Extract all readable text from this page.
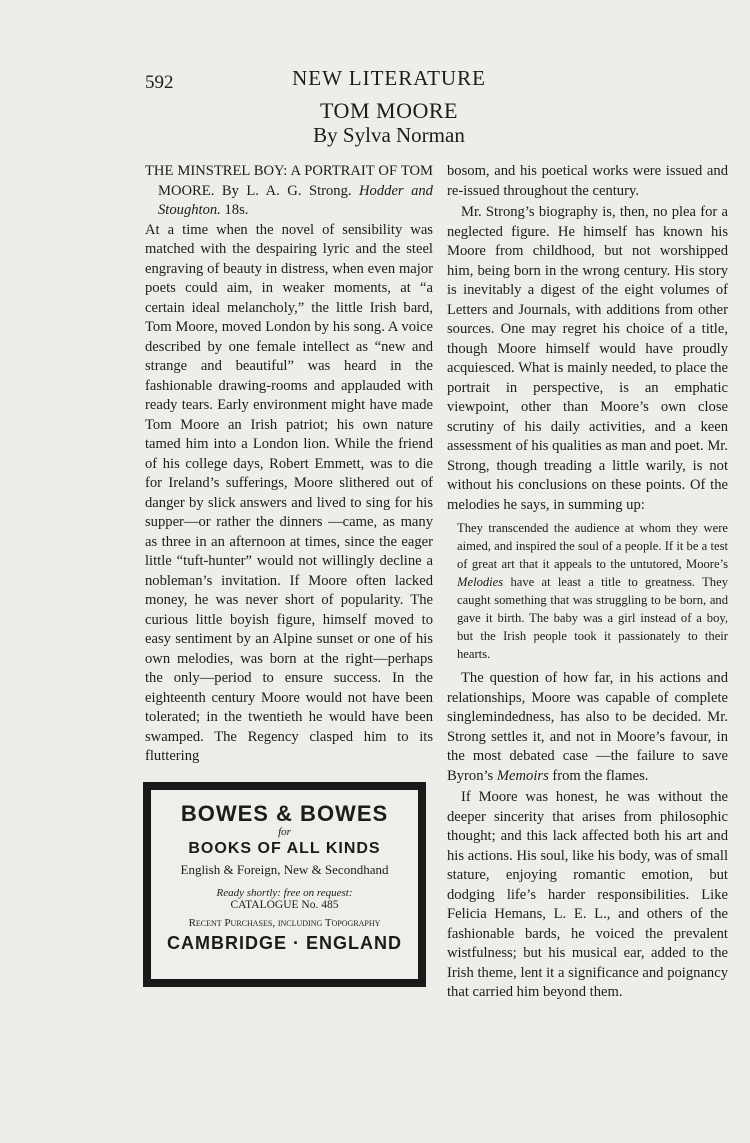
592	NEW LITERATURE
TOM MOORE
By Sylva Norman

THE MINSTREL BOY: A PORTRAIT OF TOM MOORE. By L. A. G. Strong. Hodder and Stoughton. 18s.

At a time when the novel of sensibility was matched with the despairing lyric and the steel engraving of beauty in distress, when even major poets could aim, in weaker moments, at “a certain ideal melancholy,” the little Irish bard, Tom Moore, moved London by his song. A voice described by one female intellect as “new and strange and beautiful” was heard in the fashionable drawing-rooms and applauded with ready tears. Early environment might have made Tom Moore an Irish patriot; his own nature tamed him into a London lion. While the friend of his college days, Robert Emmett, was to die for Ireland’s sufferings, Moore slithered out of danger by slick answers and lived to sing for his supper—or rather the dinners —came, as many as three in an afternoon at times, since the eager little “tuft-hunter” would not willingly decline a nobleman’s invitation. If Moore often lacked money, he was never short of popularity. The curious little boyish figure, himself moved to easy sentiment by an Alpine sunset or one of his own melodies, was born at the right—perhaps the only—period to ensure success. In the eighteenth century Moore would not have been tolerated; in the twentieth he would have been swamped. The Regency clasped him to its fluttering

bosom, and his poetical works were issued and re-issued throughout the century.

Mr. Strong’s biography is, then, no plea for a neglected figure. He himself has known his Moore from childhood, but not worshipped him, being born in the wrong century. His story is inevitably a digest of the eight volumes of Letters and Journals, with additions from other sources. One may regret his choice of a title, though Moore himself would have proudly acquiesced. What is mainly needed, to place the portrait in perspective, is an emphatic viewpoint, other than Moore’s own close scrutiny of his daily activities, and a keen assessment of his qualities as man and poet. Mr. Strong, though treading a little warily, is not without his conclusions on these points. Of the melodies he says, in summing up:

They transcended the audience at whom they were aimed, and inspired the soul of a people. If it be a test of great art that it appeals to the untutored, Moore’s Melodies have at least a title to greatness. They caught something that was struggling to be born, and gave it birth. The baby was a girl instead of a boy, but the Irish people took it passionately to their hearts.

The question of how far, in his actions and relationships, Moore was capable of complete singlemindedness, has also to be decided. Mr. Strong settles it, and not in Moore’s favour, in the most debated case —the failure to save Byron’s Memoirs from the flames.

If Moore was honest, he was without the deeper sincerity that arises from philosophic thought; and this lack affected both his art and his actions. His soul, like his body, was of small stature, enjoying romantic emotion, but dodging life’s harder responsibilities. Like Felicia Hemans, L. E. L., and others of the fashionable bards, he voiced the prevalent wistfulness; but his musical ear, added to the Irish theme, lent it a significance and poignancy that carried him beyond them.

BOWES & BOWES
for
BOOKS OF ALL KINDS
English & Foreign, New & Secondhand
Ready shortly: free on request:
CATALOGUE No. 485
Recent Purchases, including Topography
CAMBRIDGE · ENGLAND
